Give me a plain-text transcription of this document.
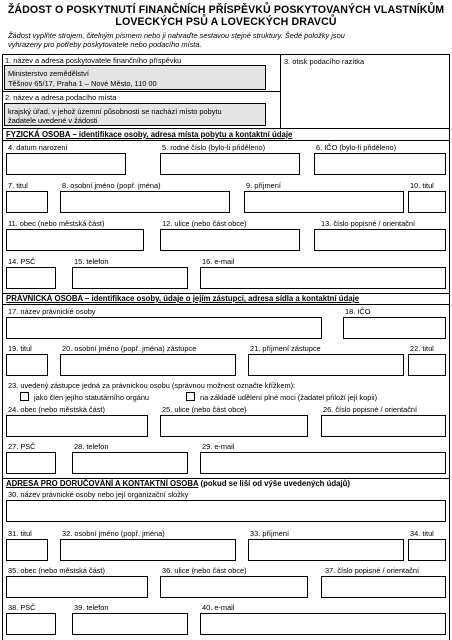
ŽÁDOST O POSKYTNUTÍ FINANČNÍCH PŘÍSPĚVKŮ POSKYTOVANÝCH VLASTNÍKŮM
LOVECKÝCH PSŮ A LOVECKÝCH DRAVCŮ
Žádost vyplňte strojem, čitelným písmem nebo ji nahraďte sestavou stejné struktury. Šedé položky jsou
vyhrazeny pro potřeby poskytovatele nebo podacího místa.
1. název a adresa poskytovatele finančního příspěvku
Ministerstvo zemědělství
Těšnov 65/17, Praha 1 – Nové Město, 110 00
2. název a adresa podacího místa
krajský úřad, v jehož územní působnosti se nachází místo pobytu
žadatele uvedené v žádosti
3. otisk podacího razítka
FYZICKÁ OSOBA – identifikace osoby, adresa místa pobytu a kontaktní údaje
4. datum narození	5. rodné číslo (bylo-li přiděleno)	6. IČO (bylo-li přiděleno)
7. titul	8. osobní jméno (popř. jména)	9. příjmení	10. titul
11. obec (nebo městská část)	12. ulice (nebo část obce)	13. číslo popisné / orientační
14. PSČ	15. telefon	16. e-mail
PRÁVNICKÁ OSOBA – identifikace osoby, údaje o jejím zástupci, adresa sídla a kontaktní údaje
17. název právnické osoby	18. IČO
19. titul	20. osobní jméno (popř. jména) zástupce	21. příjmení zástupce	22. titul
23. uvedený zástupce jedná za právnickou osobu (správnou možnost označte křížkem):
jako člen jejího statutárního orgánu	na základě udělení plné moci (žadatel přiloží její kopii)
24. obec (nebo městská část)	25. ulice (nebo část obce)	26. číslo popisné / orientační
27. PSČ	28. telefon	29. e-mail
ADRESA PRO DORUČOVÁNÍ A KONTAKTNÍ OSOBA (pokud se liší od výše uvedených údajů)
30. název právnické osoby nebo její organizační složky
31. titul	32. osobní jméno (popř. jména)	33. příjmení	34. titul
35. obec (nebo městská část)	36. ulice (nebo část obce)	37. číslo popisné / orientační
38. PSČ	39. telefon	40. e-mail
